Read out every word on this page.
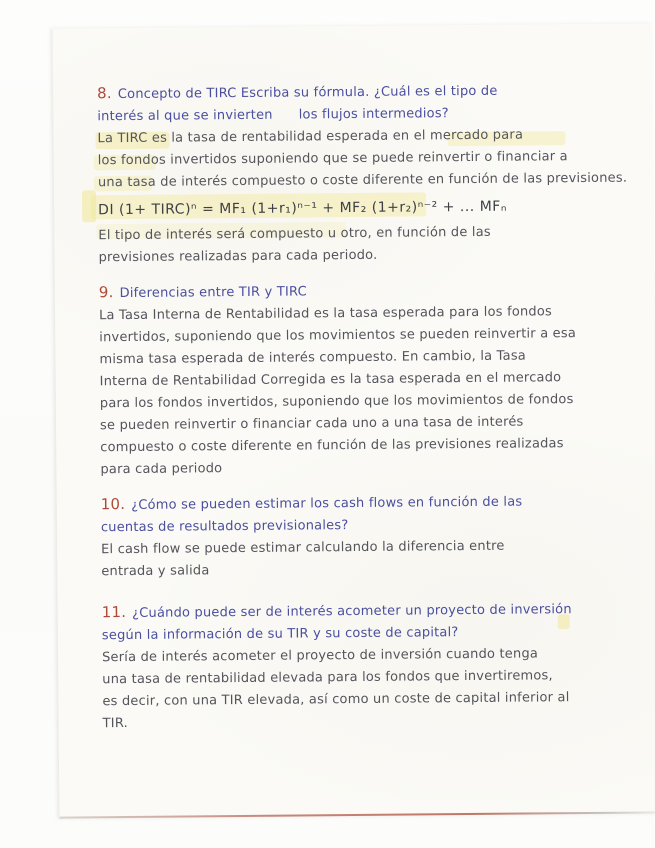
8. Concepto de TIRC Escriba su fórmula. ¿Cuál es el tipo de
interés al que se invierten      los flujos intermedios?
La TIRC es la tasa de rentabilidad esperada en el mercado para
los fondos invertidos suponiendo que se puede reinvertir o financiar a
una tasa de interés compuesto o coste diferente en función de las previsiones.
DI (1+ TIRC)ⁿ = MF₁ (1+r₁)ⁿ⁻¹ + MF₂ (1+r₂)ⁿ⁻² + ... MFₙ
El tipo de interés será compuesto u otro, en función de las
previsiones realizadas para cada periodo.
9. Diferencias entre TIR y TIRC
La Tasa Interna de Rentabilidad es la tasa esperada para los fondos
invertidos, suponiendo que los movimientos se pueden reinvertir a esa
misma tasa esperada de interés compuesto. En cambio, la Tasa
Interna de Rentabilidad Corregida es la tasa esperada en el mercado
para los fondos invertidos, suponiendo que los movimientos de fondos
se pueden reinvertir o financiar cada uno a una tasa de interés
compuesto o coste diferente en función de las previsiones realizadas
para cada periodo
10. ¿Cómo se pueden estimar los cash flows en función de las
cuentas de resultados previsionales?
El cash flow se puede estimar calculando la diferencia entre
entrada y salida
11. ¿Cuándo puede ser de interés acometer un proyecto de inversión
según la información de su TIR y su coste de capital?
Sería de interés acometer el proyecto de inversión cuando tenga
una tasa de rentabilidad elevada para los fondos que invertiremos,
es decir, con una TIR elevada, así como un coste de capital inferior al
TIR.
